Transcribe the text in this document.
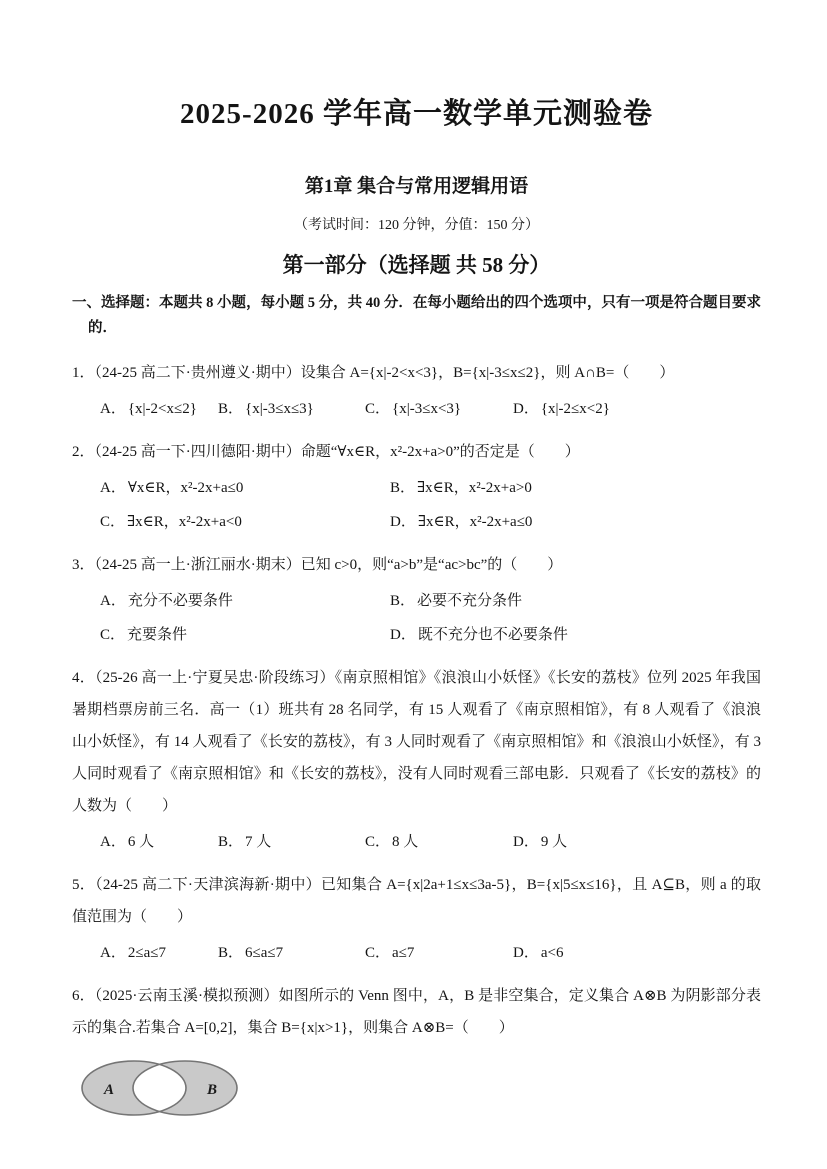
2025-2026 学年高一数学单元测验卷
第1章 集合与常用逻辑用语
（考试时间：120 分钟，分值：150 分）
第一部分（选择题 共 58 分）
一、选择题：本题共 8 小题，每小题 5 分，共 40 分．在每小题给出的四个选项中，只有一项是符合题目要求的．
1．（24-25 高二下·贵州遵义·期中）设集合 A={x|-2<x<3}，B={x|-3≤x≤2}，则 A∩B=（　　）
A． {x|-2<x≤2}	B． {x|-3≤x≤3}	C． {x|-3≤x<3}	D． {x|-2≤x<2}
2．（24-25 高一下·四川德阳·期中）命题“∀x∈R，x²-2x+a>0”的否定是（　　）
A． ∀x∈R，x²-2x+a≤0	B． ∃x∈R，x²-2x+a>0
C． ∃x∈R，x²-2x+a<0	D． ∃x∈R，x²-2x+a≤0
3．（24-25 高一上·浙江丽水·期末）已知 c>0，则“a>b”是“ac>bc”的（　　）
A． 充分不必要条件	B． 必要不充分条件
C． 充要条件	D． 既不充分也不必要条件
4．（25-26 高一上·宁夏吴忠·阶段练习）《南京照相馆》《浪浪山小妖怪》《长安的荔枝》位列 2025 年我国暑期档票房前三名．高一（1）班共有 28 名同学，有 15 人观看了《南京照相馆》，有 8 人观看了《浪浪山小妖怪》，有 14 人观看了《长安的荔枝》，有 3 人同时观看了《南京照相馆》和《浪浪山小妖怪》，有 3 人同时观看了《南京照相馆》和《长安的荔枝》，没有人同时观看三部电影．只观看了《长安的荔枝》的人数为（　　）
A． 6 人	B． 7 人	C． 8 人	D． 9 人
5．（24-25 高二下·天津滨海新·期中）已知集合 A={x|2a+1≤x≤3a-5}，B={x|5≤x≤16}，且 A⊆B，则 a 的取值范围为（　　）
A． 2≤a≤7	B． 6≤a≤7	C． a≤7	D． a<6
6．（2025·云南玉溪·模拟预测）如图所示的 Venn 图中，A，B 是非空集合，定义集合 A⊗B 为阴影部分表示的集合.若集合 A=[0,2]，集合 B={x|x>1}，则集合 A⊗B=（　　）
A	B
